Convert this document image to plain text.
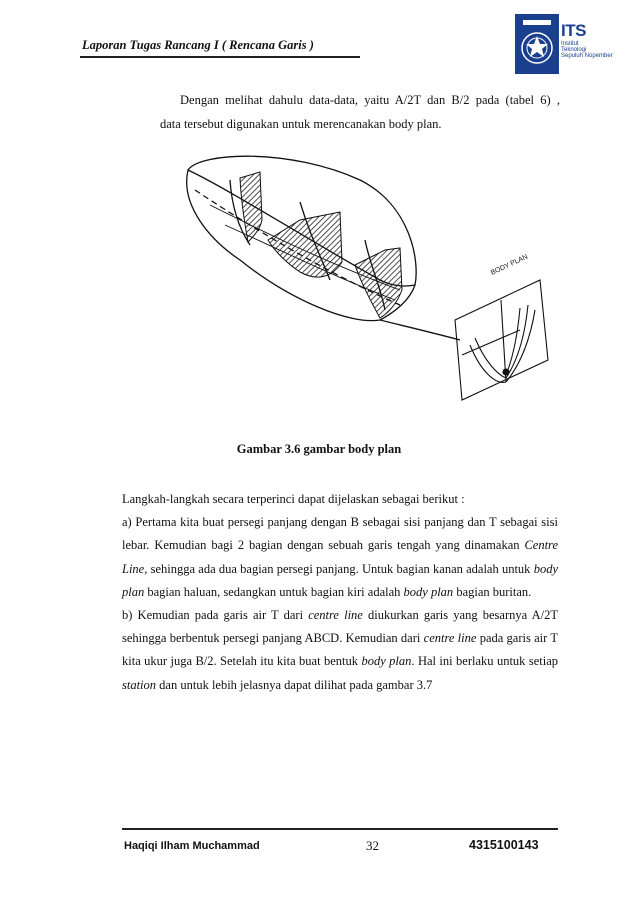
Laporan Tugas Rancang I ( Rencana Garis )
ITS
Institut
Teknologi
Sepuluh Nopember
Dengan melihat dahulu data-data, yaitu A/2T dan B/2 pada (tabel 6) ,
data tersebut digunakan untuk merencanakan body plan.
BODY PLAN
Gambar 3.6 gambar body plan

Langkah-langkah secara terperinci dapat dijelaskan sebagai berikut :

a) Pertama kita buat persegi panjang dengan B sebagai sisi panjang dan T sebagai sisi lebar. Kemudian bagi 2 bagian dengan sebuah garis tengah yang dinamakan Centre Line, sehingga ada dua bagian persegi panjang. Untuk bagian kanan adalah untuk body plan bagian haluan, sedangkan untuk bagian kiri adalah body plan bagian buritan.

b) Kemudian pada garis air T dari centre line diukurkan garis yang besarnya A/2T sehingga berbentuk persegi panjang ABCD. Kemudian dari centre line pada garis air T kita ukur juga B/2. Setelah itu kita buat bentuk body plan. Hal ini berlaku untuk setiap station dan untuk lebih jelasnya dapat dilihat pada gambar 3.7

Haqiqi Ilham Muchammad	32	4315100143
